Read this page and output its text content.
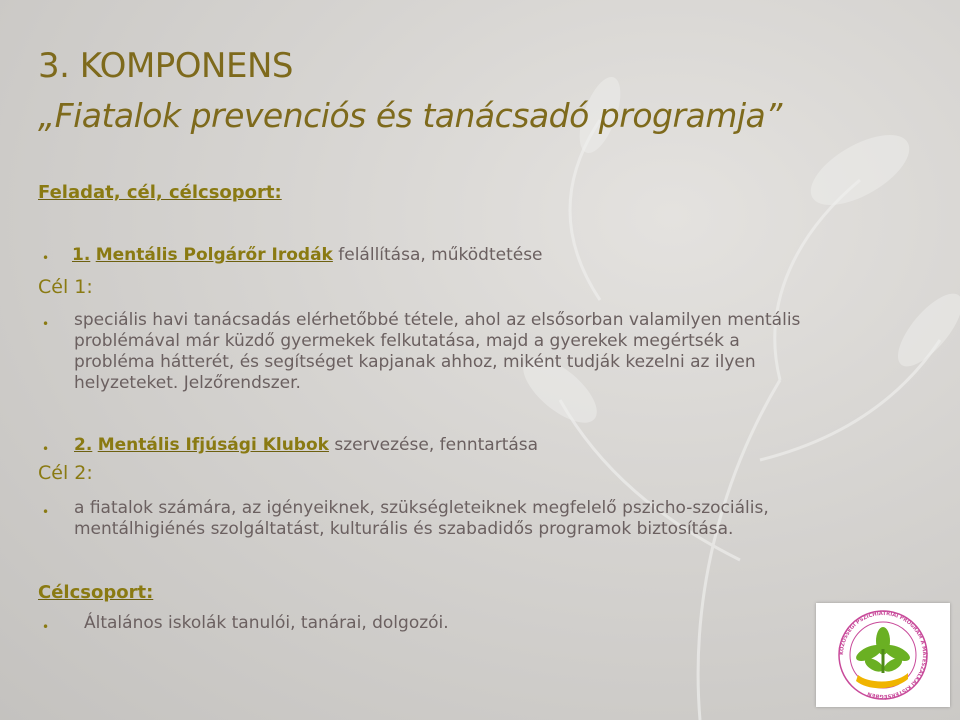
3. KOMPONENS
„Fiatalok prevenciós és tanácsadó programja”
Feladat, cél, célcsoport:
• 1. Mentális Polgárőr Irodák felállítása, működtetése
Cél 1:
• speciális havi tanácsadás elérhetőbbé tétele, ahol az elsősorban valamilyen mentális
problémával már küzdő gyermekek felkutatása, majd a gyerekek megértsék a
probléma hátterét, és segítséget kapjanak ahhoz, miként tudják kezelni az ilyen
helyzeteket. Jelzőrendszer.
• 2. Mentális Ifjúsági Klubok szervezése, fenntartása
Cél 2:
• a fiatalok számára, az igényeiknek, szükségleteiknek megfelelő pszicho-szociális,
mentálhigiénés szolgáltatást, kulturális és szabadidős programok biztosítása.
Célcsoport:
• Általános iskolák tanulói, tanárai, dolgozói.
KÖZÖSSÉGI PSZICHIÁTRIAI PROGRAM A MÁTÉSZALKAI KISTÉRSÉGBEN
